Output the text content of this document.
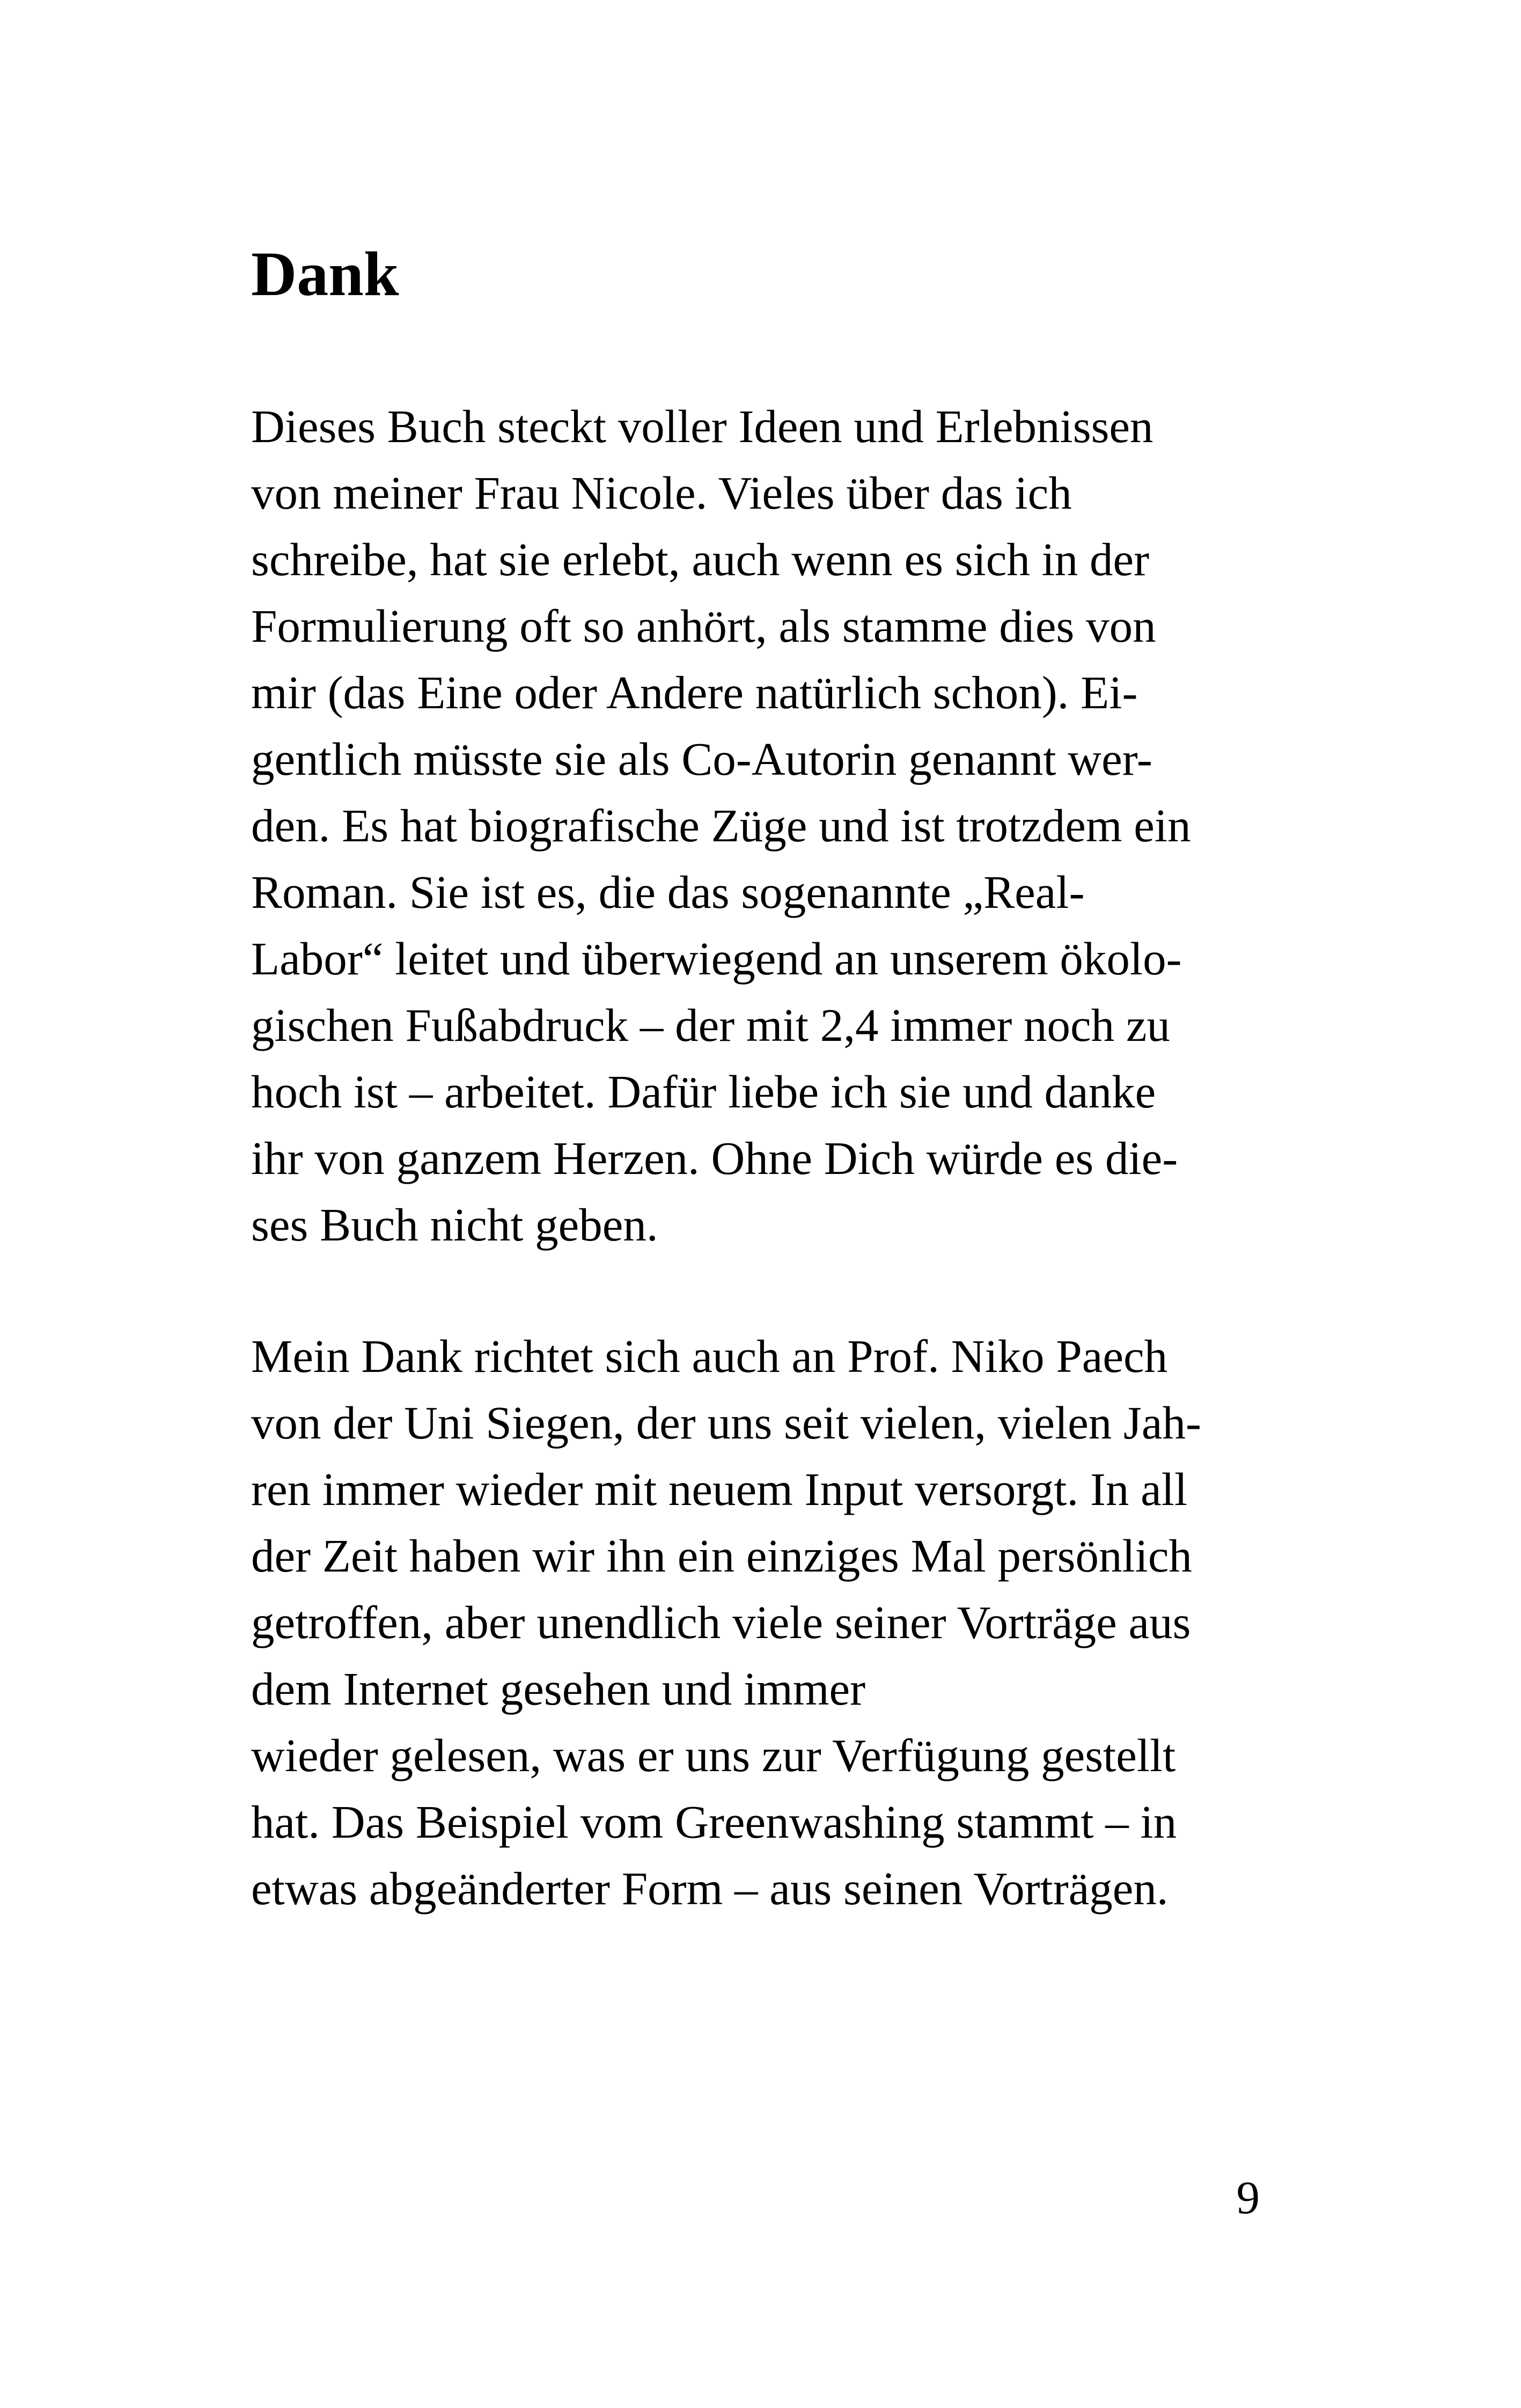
Dank
Dieses Buch steckt voller Ideen und Erlebnissen
von meiner Frau Nicole. Vieles über das ich
schreibe, hat sie erlebt, auch wenn es sich in der
Formulierung oft so anhört, als stamme dies von
mir (das Eine oder Andere natürlich schon). Ei-
gentlich müsste sie als Co-Autorin genannt wer-
den. Es hat biografische Züge und ist trotzdem ein
Roman. Sie ist es, die das sogenannte „Real-
Labor“ leitet und überwiegend an unserem ökolo-
gischen Fußabdruck – der mit 2,4 immer noch zu
hoch ist – arbeitet. Dafür liebe ich sie und danke
ihr von ganzem Herzen. Ohne Dich würde es die-
ses Buch nicht geben.
Mein Dank richtet sich auch an Prof. Niko Paech
von der Uni Siegen, der uns seit vielen, vielen Jah-
ren immer wieder mit neuem Input versorgt. In all
der Zeit haben wir ihn ein einziges Mal persönlich
getroffen, aber unendlich viele seiner Vorträge aus
dem Internet gesehen und immer
wieder gelesen, was er uns zur Verfügung gestellt
hat. Das Beispiel vom Greenwashing stammt – in
etwas abgeänderter Form – aus seinen Vorträgen.
9
